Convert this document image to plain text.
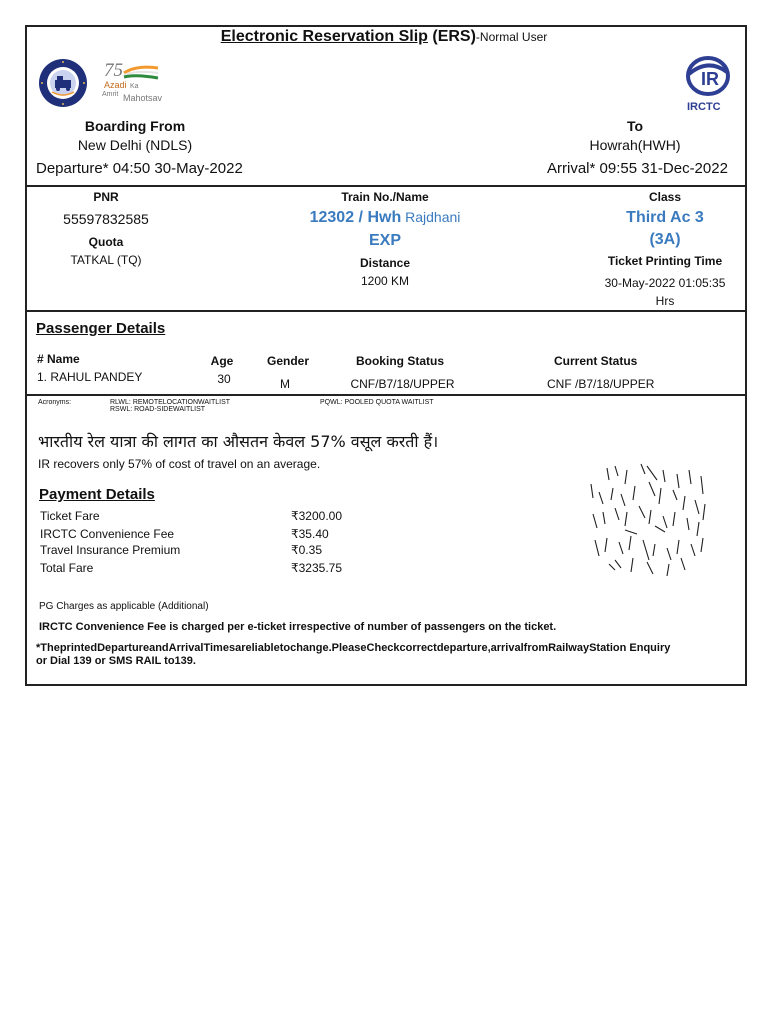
Electronic Reservation Slip (ERS)-Normal User
75
Azadi Ka
Amrit Mahotsav
IR
IRCTC
Boarding From
New Delhi (NDLS)
Departure* 04:50 30-May-2022
To
Howrah(HWH)
Arrival* 09:55 31-Dec-2022
PNR
55597832585
Quota
TATKAL (TQ)
Train No./Name
12302 / Hwh Rajdhani
EXP
Distance
1200 KM
Class
Third Ac 3
(3A)
Ticket Printing Time
30-May-2022 01:05:35
Hrs
Passenger Details
# Name	Age	Gender	Booking Status	Current Status
1. RAHUL PANDEY	30	M	CNF/B7/18/UPPER	CNF /B7/18/UPPER
Acronyms:	RLWL: REMOTELOCATIONWAITLIST
RSWL: ROAD-SIDEWAITLIST
PQWL: POOLED QUOTA WAITLIST
भारतीय रेल यात्रा की लागत का औसतन केवल 57% वसूल करती हैं।
IR recovers only 57% of cost of travel on an average.
Payment Details
Ticket Fare	₹3200.00
IRCTC Convenience Fee	₹35.40
Travel Insurance Premium	₹0.35
Total Fare	₹3235.75
PG Charges as applicable (Additional)
IRCTC Convenience Fee is charged per e-ticket irrespective of number of passengers on the ticket.
*TheprintedDepartureandArrivalTimesareliabletochange.PleaseCheckcorrectdeparture,arrivalfromRailwayStation Enquiry
or Dial 139 or SMS RAIL to139.
